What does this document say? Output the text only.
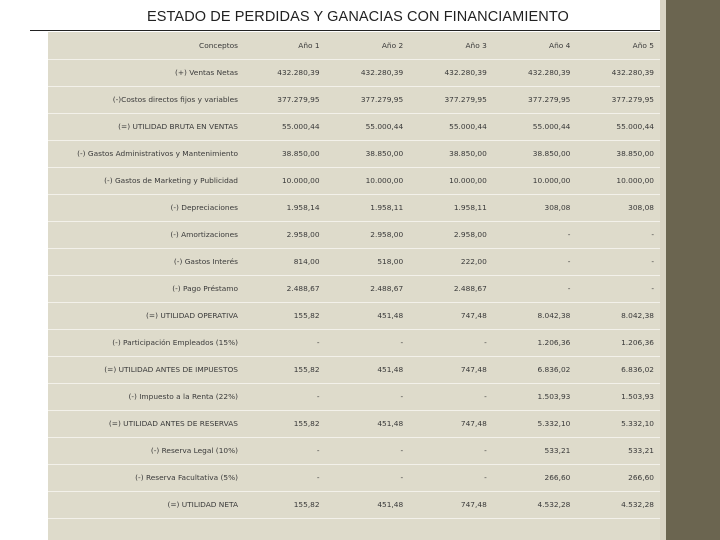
ESTADO DE PERDIDAS Y GANACIAS CON FINANCIAMIENTO
Conceptos	Año 1	Año 2	Año 3	Año 4	Año 5
(+) Ventas Netas	432.280,39	432.280,39	432.280,39	432.280,39	432.280,39
(-)Costos directos fijos y variables	377.279,95	377.279,95	377.279,95	377.279,95	377.279,95
(=) UTILIDAD BRUTA EN VENTAS	55.000,44	55.000,44	55.000,44	55.000,44	55.000,44
(-) Gastos Administrativos y Mantenimiento	38.850,00	38.850,00	38.850,00	38.850,00	38.850,00
(-) Gastos de Marketing y Publicidad	10.000,00	10.000,00	10.000,00	10.000,00	10.000,00
(-) Depreciaciones	1.958,14	1.958,11	1.958,11	308,08	308,08
(-) Amortizaciones	2.958,00	2.958,00	2.958,00	-	-
(-) Gastos Interés	814,00	518,00	222,00	-	-
(-) Pago Préstamo	2.488,67	2.488,67	2.488,67	-	-
(=) UTILIDAD OPERATIVA	155,82	451,48	747,48	8.042,38	8.042,38
(-) Participación Empleados (15%)	-	-	-	1.206,36	1.206,36
(=) UTILIDAD ANTES DE IMPUESTOS	155,82	451,48	747,48	6.836,02	6.836,02
(-) Impuesto a la Renta (22%)	-	-	-	1.503,93	1.503,93
(=) UTILIDAD ANTES DE RESERVAS	155,82	451,48	747,48	5.332,10	5.332,10
(-) Reserva Legal (10%)	-	-	-	533,21	533,21
(-) Reserva Facultativa (5%)	-	-	-	266,60	266,60
(=) UTILIDAD NETA	155,82	451,48	747,48	4.532,28	4.532,28
